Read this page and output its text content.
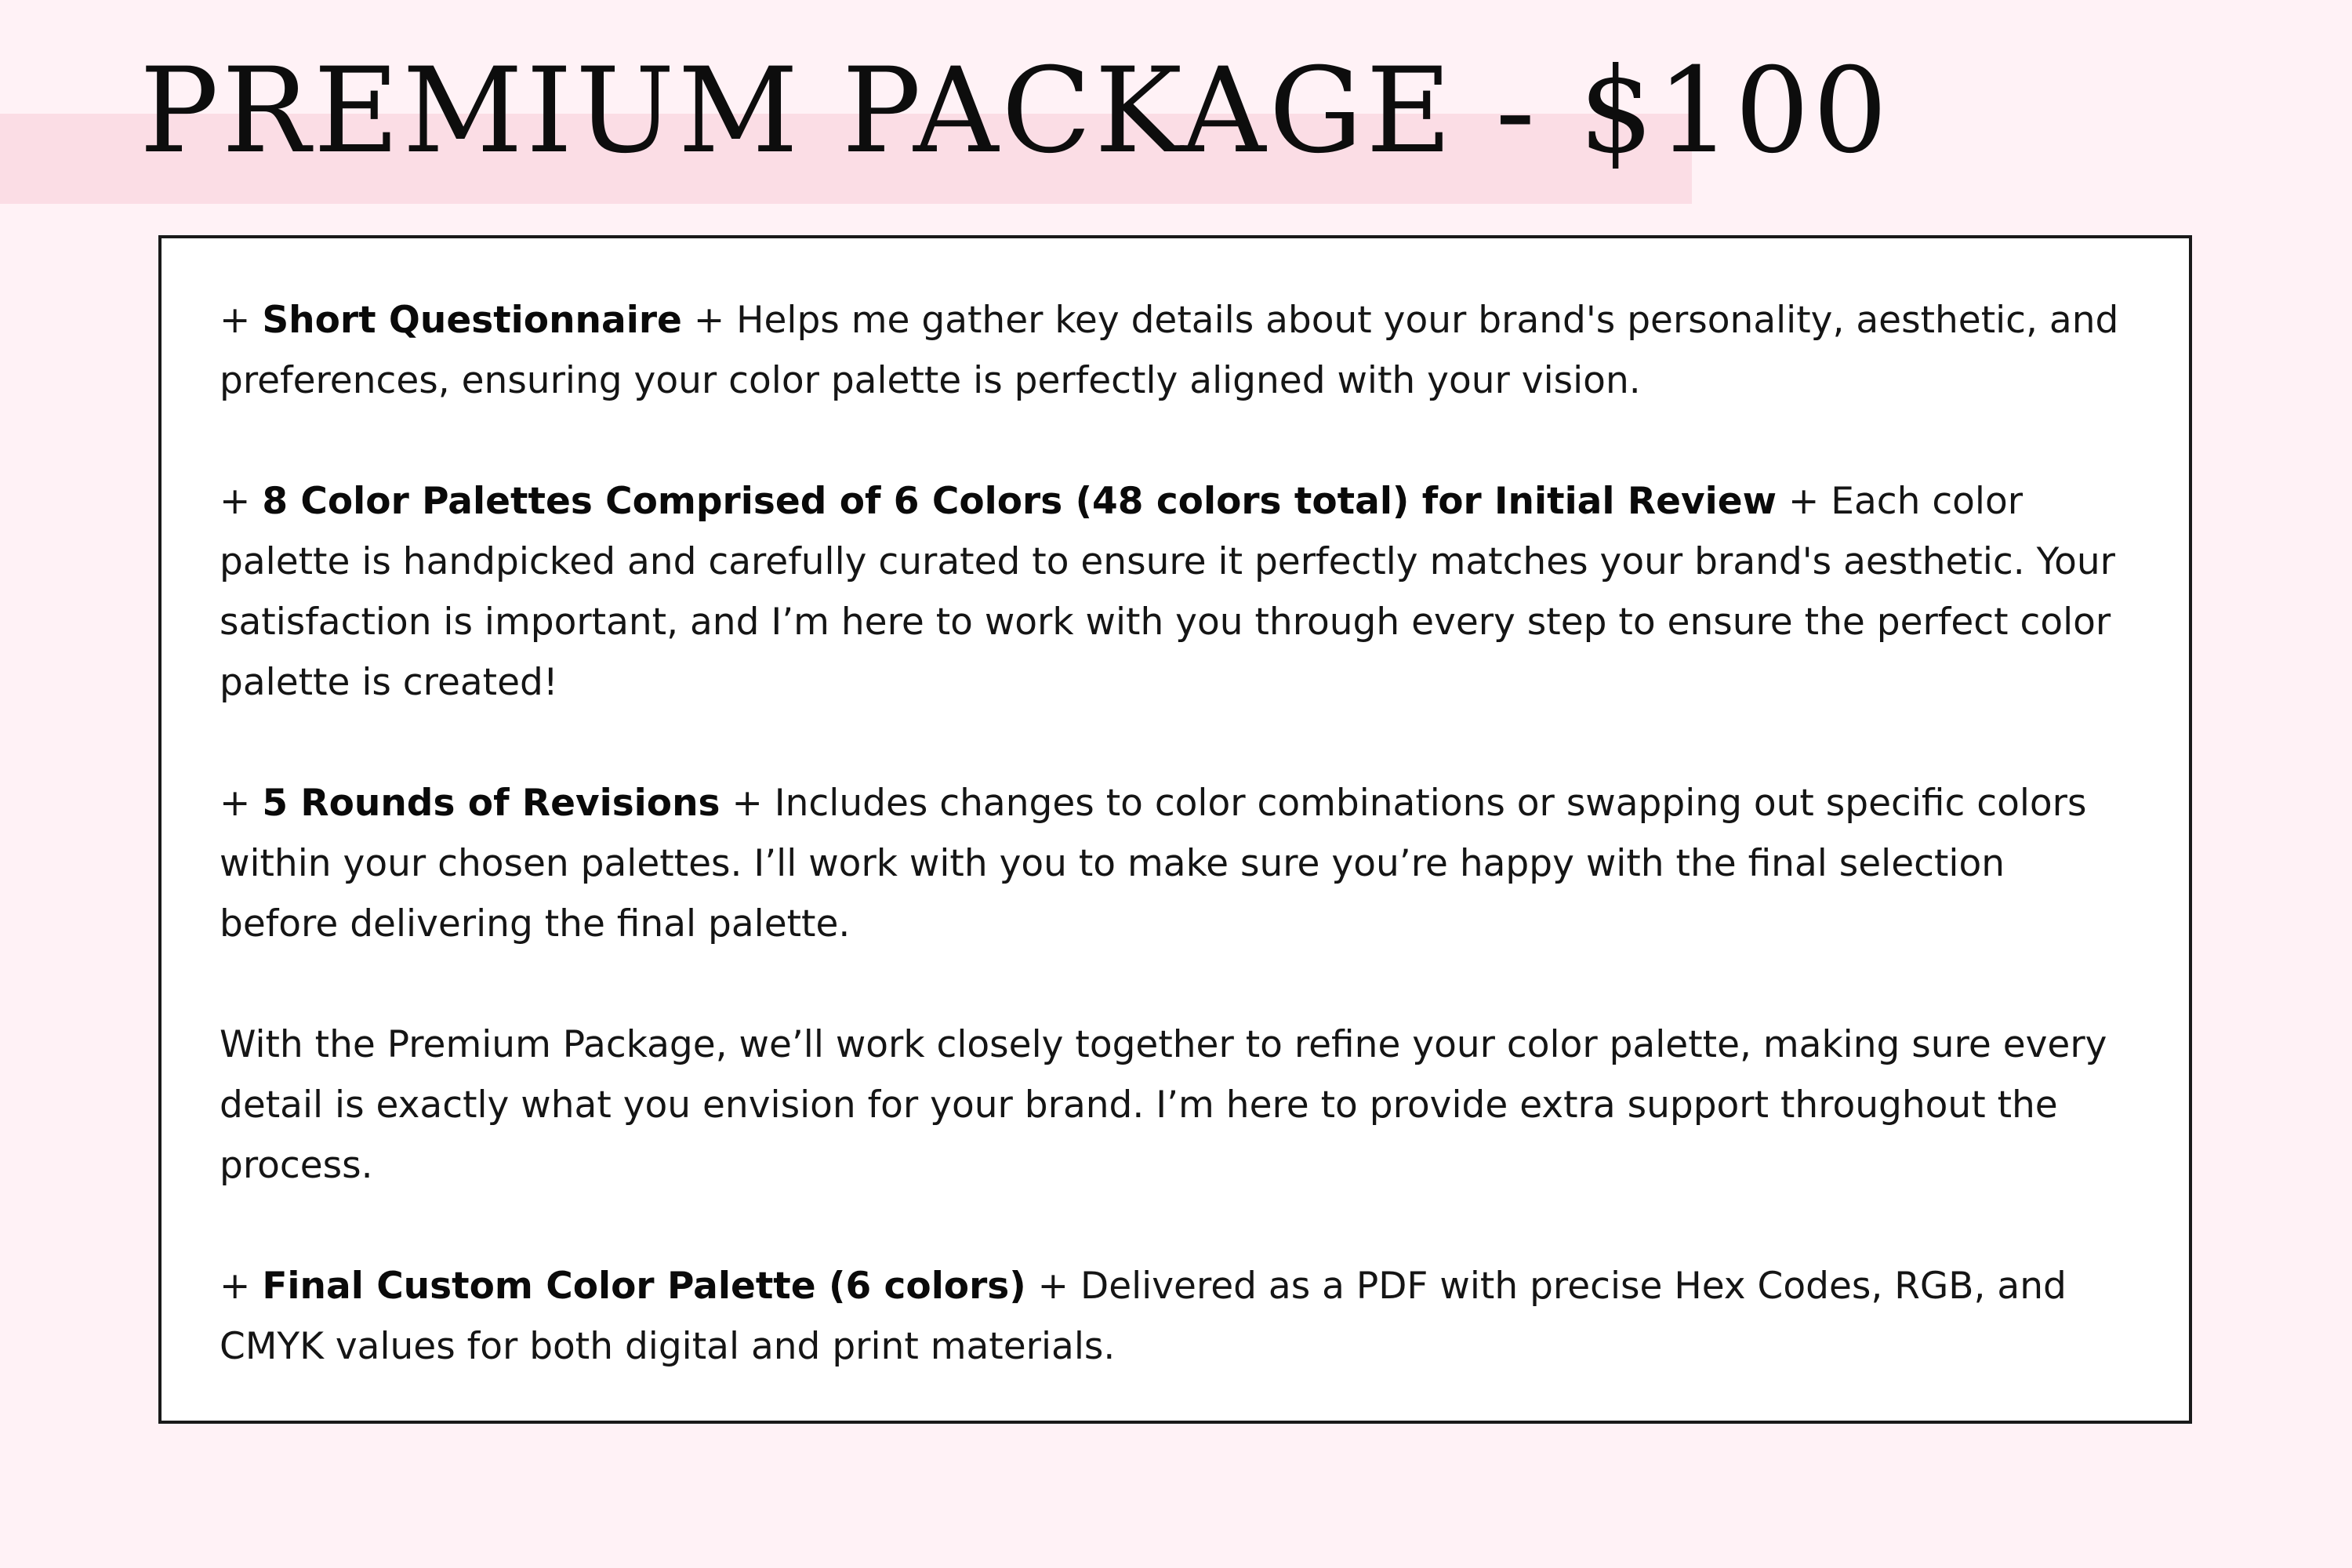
PREMIUM PACKAGE - $100

+ Short Questionnaire + Helps me gather key details about your brand's personality, aesthetic, and preferences, ensuring your color palette is perfectly aligned with your vision.

+ 8 Color Palettes Comprised of 6 Colors (48 colors total) for Initial Review + Each color palette is handpicked and carefully curated to ensure it perfectly matches your brand's aesthetic. Your satisfaction is important, and I’m here to work with you through every step to ensure the perfect color palette is created!

+ 5 Rounds of Revisions + Includes changes to color combinations or swapping out specific colors within your chosen palettes. I’ll work with you to make sure you’re happy with the final selection before delivering the final palette.

With the Premium Package, we’ll work closely together to refine your color palette, making sure every detail is exactly what you envision for your brand. I’m here to provide extra support throughout the process.

+ Final Custom Color Palette (6 colors) + Delivered as a PDF with precise Hex Codes, RGB, and CMYK values for both digital and print materials.
